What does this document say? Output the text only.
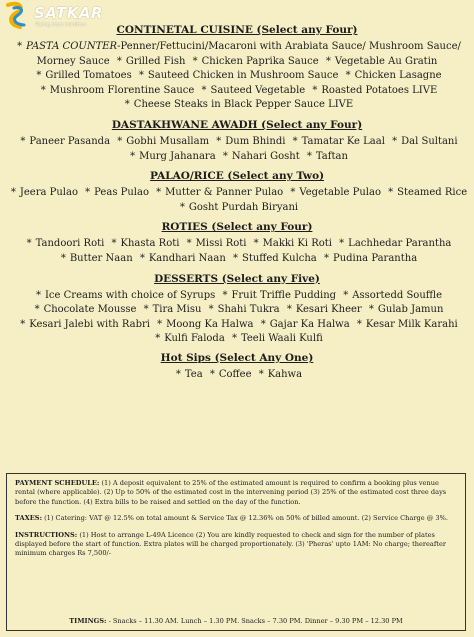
SATKAR
Rising from tradition	CONTINETAL CUISINE (Select any Four)
* PASTA COUNTER-Penner/Fettucini/Macaroni with Arabiata Sauce/ Mushroom Sauce/ Morney Sauce * Grilled Fish * Chicken Paprika Sauce * Vegetable Au Gratin * Grilled Tomatoes * Sauteed Chicken in Mushroom Sauce * Chicken Lasagne * Mushroom Florentine Sauce * Sauteed Vegetable * Roasted Potatoes LIVE * Cheese Steaks in Black Pepper Sauce LIVE
DASTAKHWANE AWADH (Select any Four)
* Paneer Pasanda * Gobhi Musallam * Dum Bhindi * Tamatar Ke Laal * Dal Sultani * Murg Jahanara * Nahari Gosht * Taftan
PALAO/RICE (Select any Two)
* Jeera Pulao * Peas Pulao * Mutter & Panner Pulao * Vegetable Pulao * Steamed Rice * Gosht Purdah Biryani
ROTIES (Select any Four)
* Tandoori Roti * Khasta Roti * Missi Roti * Makki Ki Roti * Lachhedar Parantha * Butter Naan * Kandhari Naan * Stuffed Kulcha * Pudina Parantha
DESSERTS (Select any Five)
* Ice Creams with choice of Syrups * Fruit Triffle Pudding * Assortedd Souffle * Chocolate Mousse * Tira Misu * Shahi Tukra * Kesari Kheer * Gulab Jamun * Kesari Jalebi with Rabri * Moong Ka Halwa * Gajar Ka Halwa * Kesar Milk Karahi * Kulfi Faloda * Teeli Waali Kulfi
Hot Sips (Select Any One)
* Tea * Coffee * Kahwa

PAYMENT SCHEDULE: (1) A deposit equivalent to 25% of the estimated amount is required to confirm a booking plus venue rental (where applicable). (2) Up to 50% of the estimated cost in the intervening period (3) 25% of the estimated cost three days before the function. (4) Extra bills to be raised and settled on the day of the function.

TAXES: (1) Catering: VAT @ 12.5% on total amount & Service Tax @ 12.36% on 50% of billed amount. (2) Service Charge @ 3%.

INSTRUCTIONS: (1) Host to arrange L-49A Licence (2) You are kindly requested to check and sign for the number of plates displayed before the start of function. Extra plates will be charged proportionately. (3) 'Pheras' upto 1AM: No charge; thereafter minimum charges Rs 7,500/-

TIMINGS: - Snacks – 11.30 AM. Lunch – 1.30 PM. Snacks – 7.30 PM. Dinner – 9.30 PM – 12.30 PM
